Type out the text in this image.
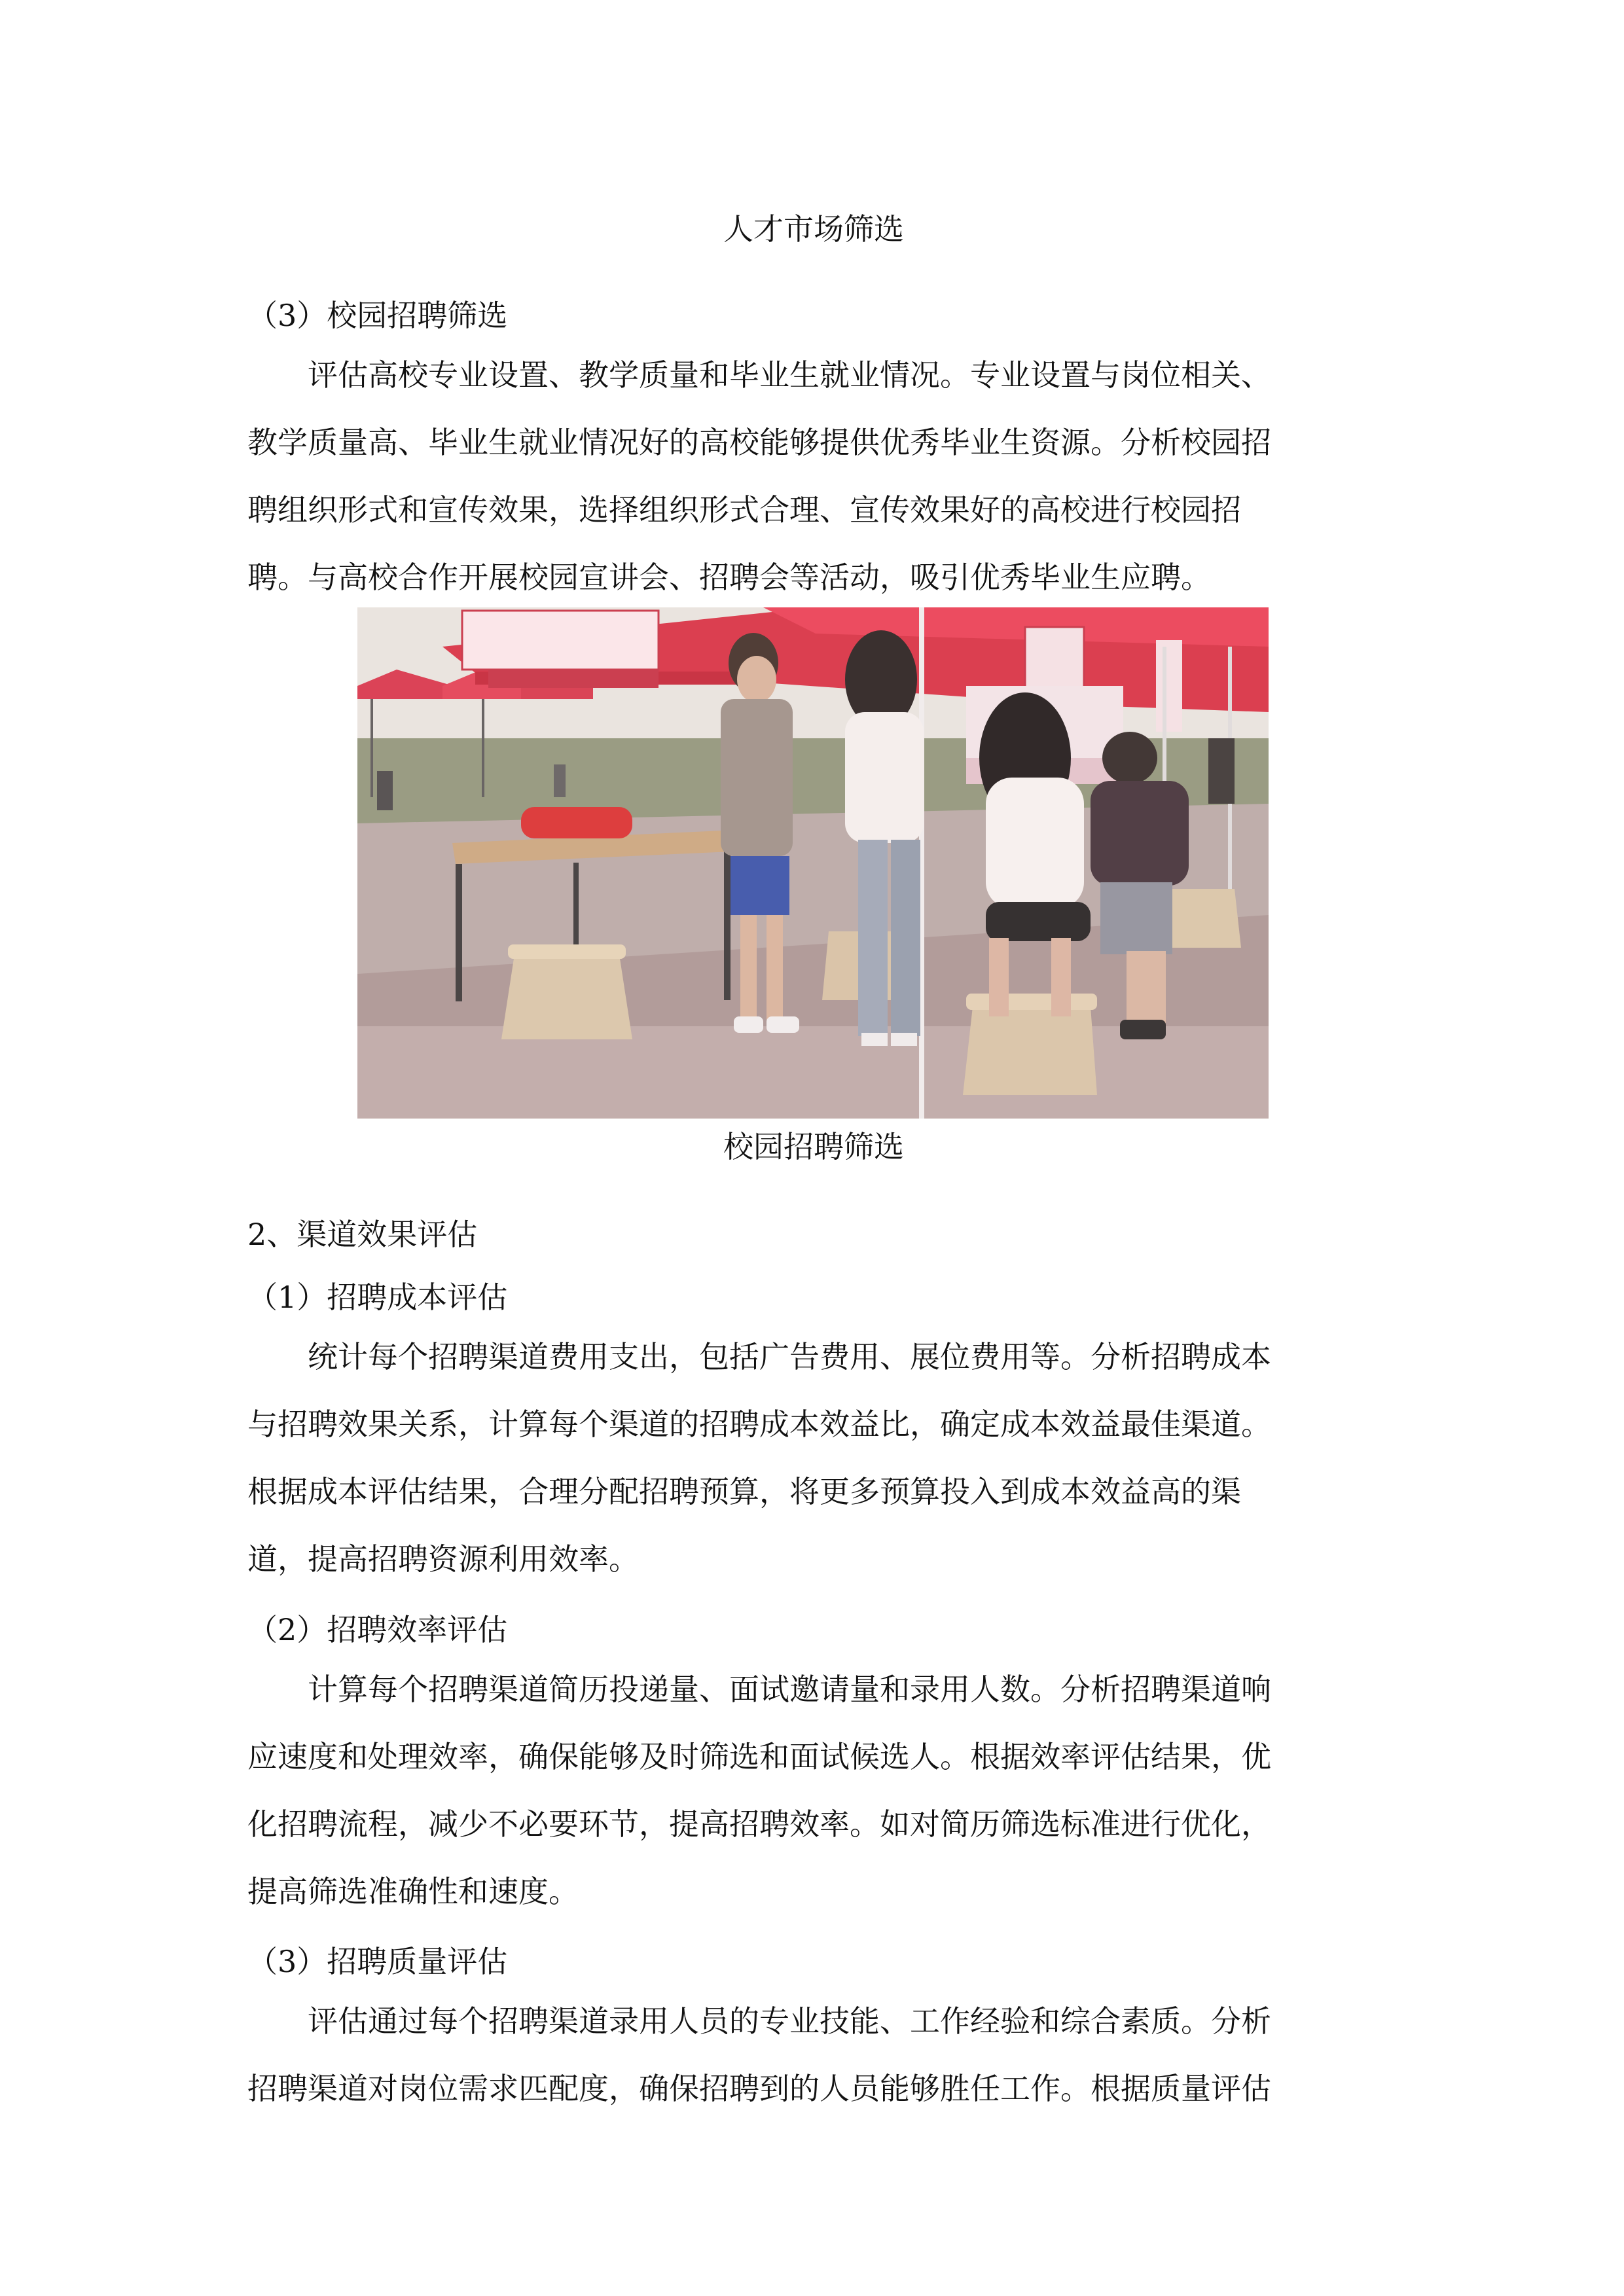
人才市场筛选
（3）校园招聘筛选

评估高校专业设置、教学质量和毕业生就业情况。专业设置与岗位相关、

教学质量高、毕业生就业情况好的高校能够提供优秀毕业生资源。分析校园招

聘组织形式和宣传效果，选择组织形式合理、宣传效果好的高校进行校园招

聘。与高校合作开展校园宣讲会、招聘会等活动，吸引优秀毕业生应聘。

校园招聘筛选
2、渠道效果评估
（1）招聘成本评估

统计每个招聘渠道费用支出，包括广告费用、展位费用等。分析招聘成本

与招聘效果关系，计算每个渠道的招聘成本效益比，确定成本效益最佳渠道。

根据成本评估结果，合理分配招聘预算，将更多预算投入到成本效益高的渠

道，提高招聘资源利用效率。

（2）招聘效率评估

计算每个招聘渠道简历投递量、面试邀请量和录用人数。分析招聘渠道响

应速度和处理效率，确保能够及时筛选和面试候选人。根据效率评估结果，优

化招聘流程，减少不必要环节，提高招聘效率。如对简历筛选标准进行优化，

提高筛选准确性和速度。

（3）招聘质量评估

评估通过每个招聘渠道录用人员的专业技能、工作经验和综合素质。分析

招聘渠道对岗位需求匹配度，确保招聘到的人员能够胜任工作。根据质量评估
